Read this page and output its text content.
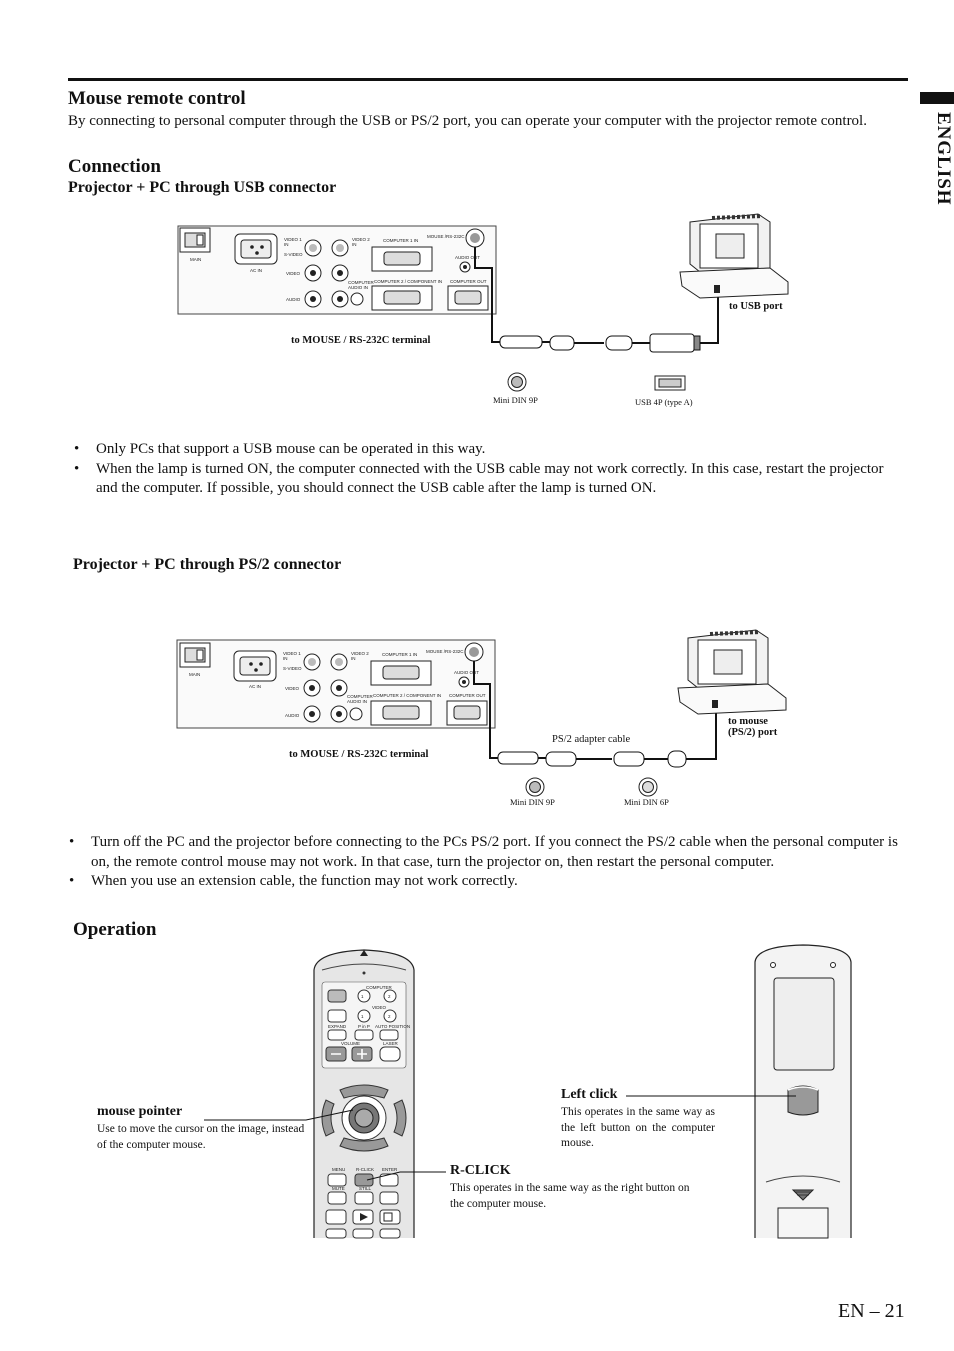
ENGLISH
Mouse remote control

By connecting to personal computer through the USB or PS/2 port, you can operate your computer with the projector remote control.

Connection
Projector + PC through USB connector
MAIN
AC IN
VIDEO 1 IN
VIDEO 2 IN
S-VIDEO
VIDEO
AUDIO
COMPUTER 1 IN
MOUSE /RS-232C
AUDIO OUT
COMPUTER AUDIO IN
COMPUTER 2 / COMPONENT IN COMPUTER OUT
to USB port
to MOUSE / RS-232C terminal
Mini DIN 9P	USB 4P (type A)
• Only PCs that support a USB mouse can be operated in this way.
• When the lamp is turned ON, the computer connected with the USB cable may not work correctly. In this case, restart the projector and the computer. If possible, you should connect the USB cable after the lamp is turned ON.
Projector + PC through PS/2 connector
MAIN
AC IN
VIDEO 1 IN
VIDEO 2 IN
S-VIDEO
VIDEO
AUDIO
COMPUTER 1 IN
MOUSE /RS-232C
AUDIO OUT
COMPUTER AUDIO IN
COMPUTER 2 / COMPONENT IN COMPUTER OUT
to mouse
(PS/2) port
PS/2 adapter cable
to MOUSE / RS-232C terminal
Mini DIN 9P	Mini DIN 6P
• Turn off the PC and the projector before connecting to the PCs PS/2 port. If you connect the PS/2 cable when the personal computer is on, the remote control mouse may not work. In that case, turn the projector on, then restart the personal computer.
• When you use an extension cable, the function may not work correctly.
Operation
COMPUTER
1	2
VIDEO
1	2
EXPAND	P in P AUTO POSITION
VOLUME	LASER
MENU R-CLICK ENTER
MUTE	STILL
mouse pointer
Use to move the cursor on the image, instead of the computer mouse.
R-CLICK
This operates in the same way as the right button on the computer mouse.
Left click
This operates in the same way as the left button on the computer mouse.
EN – 21
